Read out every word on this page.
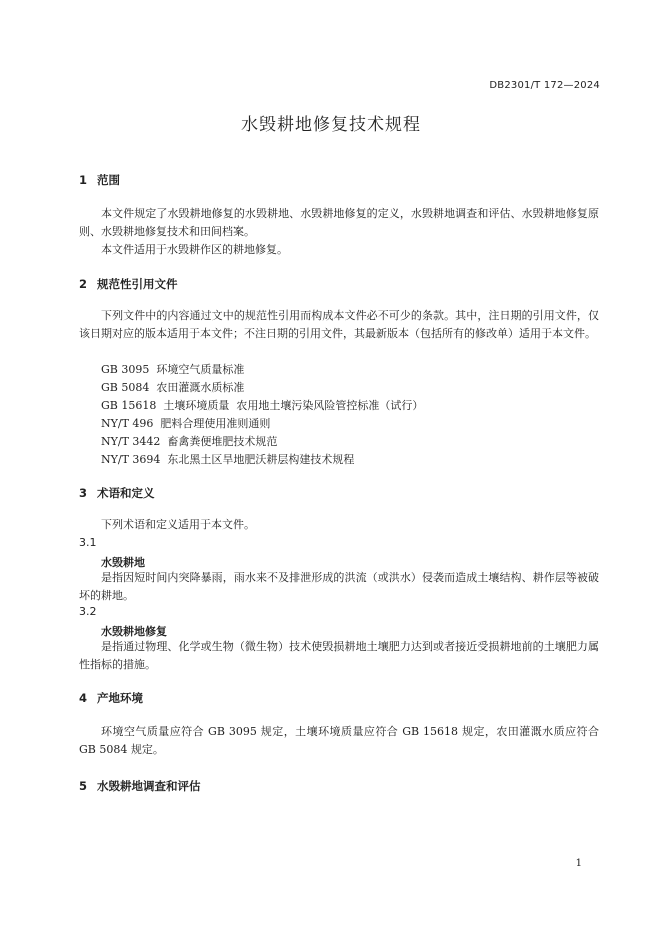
DB2301/T 172—2024
水毁耕地修复技术规程
1 范围
本文件规定了水毁耕地修复的水毁耕地、水毁耕地修复的定义，水毁耕地调查和评估、水毁耕地修复原则、水毁耕地修复技术和田间档案。
本文件适用于水毁耕作区的耕地修复。
2 规范性引用文件
下列文件中的内容通过文中的规范性引用而构成本文件必不可少的条款。其中，注日期的引用文件，仅该日期对应的版本适用于本文件；不注日期的引用文件，其最新版本（包括所有的修改单）适用于本文件。
GB 3095  环境空气质量标准
GB 5084  农田灌溉水质标准
GB 15618  土壤环境质量  农用地土壤污染风险管控标准（试行）
NY/T 496  肥料合理使用准则通则
NY/T 3442  畜禽粪便堆肥技术规范
NY/T 3694  东北黑土区旱地肥沃耕层构建技术规程
3 术语和定义
下列术语和定义适用于本文件。
3.1
水毁耕地
是指因短时间内突降暴雨，雨水来不及排泄形成的洪流（或洪水）侵袭而造成土壤结构、耕作层等被破坏的耕地。
3.2
水毁耕地修复
是指通过物理、化学或生物（微生物）技术使毁损耕地土壤肥力达到或者接近受损耕地前的土壤肥力属性指标的措施。
4 产地环境
环境空气质量应符合 GB 3095 规定，土壤环境质量应符合 GB 15618 规定，农田灌溉水质应符合 GB 5084 规定。
5 水毁耕地调查和评估
1
